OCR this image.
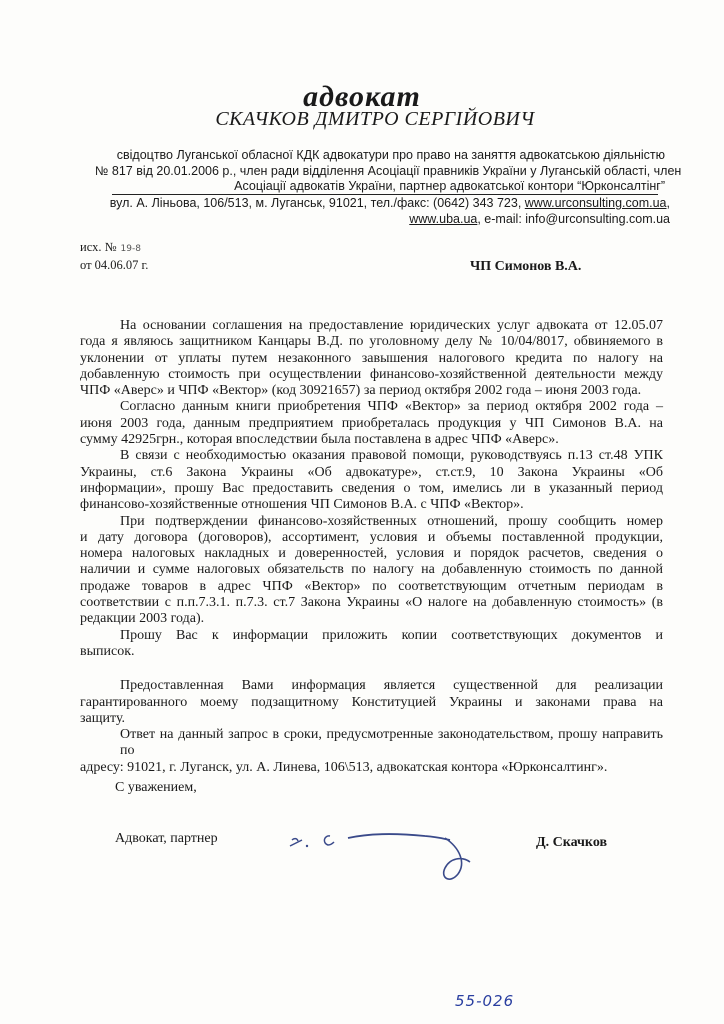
адвокат
СКАЧКОВ ДМИТРО СЕРГІЙОВИЧ
свідоцтво Луганської обласної КДК адвокатури про право на заняття адвокатською діяльністю
№ 817 від 20.01.2006 р., член ради відділення Асоціації правників України у Луганській області, член
Асоціації адвокатів України, партнер адвокатської контори “Юрконсалтінг”
вул. А. Ліньова, 106/513, м. Луганськ, 91021, тел./факс: (0642) 343 723, www.urconsulting.com.ua,
www.uba.ua, e-mail: info@urconsulting.com.ua
исх. № 19-8
от 04.06.07 г.	ЧП Симонов В.А.
На основании соглашения на предоставление юридических услуг адвоката от 12.05.07
года я являюсь защитником Канцары В.Д. по уголовному делу № 10/04/8017, обвиняемого в
уклонении от уплаты путем незаконного завышения налогового кредита по налогу на
добавленную стоимость при осуществлении финансово-хозяйственной деятельности между
ЧПФ «Аверс» и ЧПФ «Вектор» (код 30921657) за период октября 2002 года – июня 2003 года.
Согласно данным книги приобретения ЧПФ «Вектор» за период октября 2002 года –
июня 2003 года, данным предприятием приобреталась продукция у ЧП Симонов В.А. на
сумму 42925грн., которая впоследствии была поставлена в адрес ЧПФ «Аверс».
В связи с необходимостью оказания правовой помощи, руководствуясь п.13 ст.48 УПК
Украины, ст.6 Закона Украины «Об адвокатуре», ст.ст.9, 10 Закона Украины «Об
информации», прошу Вас предоставить сведения о том, имелись ли в указанный период
финансово-хозяйственные отношения ЧП Симонов В.А. с ЧПФ «Вектор».
При подтверждении финансово-хозяйственных отношений, прошу сообщить номер
и дату договора (договоров), ассортимент, условия и объемы поставленной продукции,
номера налоговых накладных и доверенностей, условия и порядок расчетов, сведения о
наличии и сумме налоговых обязательств по налогу на добавленную стоимость по данной
продаже товаров в адрес ЧПФ «Вектор» по соответствующим отчетным периодам в
соответствии с п.п.7.3.1. п.7.3. ст.7 Закона Украины «О налоге на добавленную стоимость» (в
редакции 2003 года).
Прошу Вас к информации приложить копии соответствующих документов и
выписок.
Предоставленная Вами информация является существенной для реализации
гарантированного моему подзащитному Конституцией Украины и законами права на
защиту.
Ответ на данный запрос в сроки, предусмотренные законодательством, прошу направить по
адресу: 91021, г. Луганск, ул. А. Линева, 106\513, адвокатская контора «Юрконсалтинг».
С уважением,
Адвокат, партнер	Д. Скачков
55-026
